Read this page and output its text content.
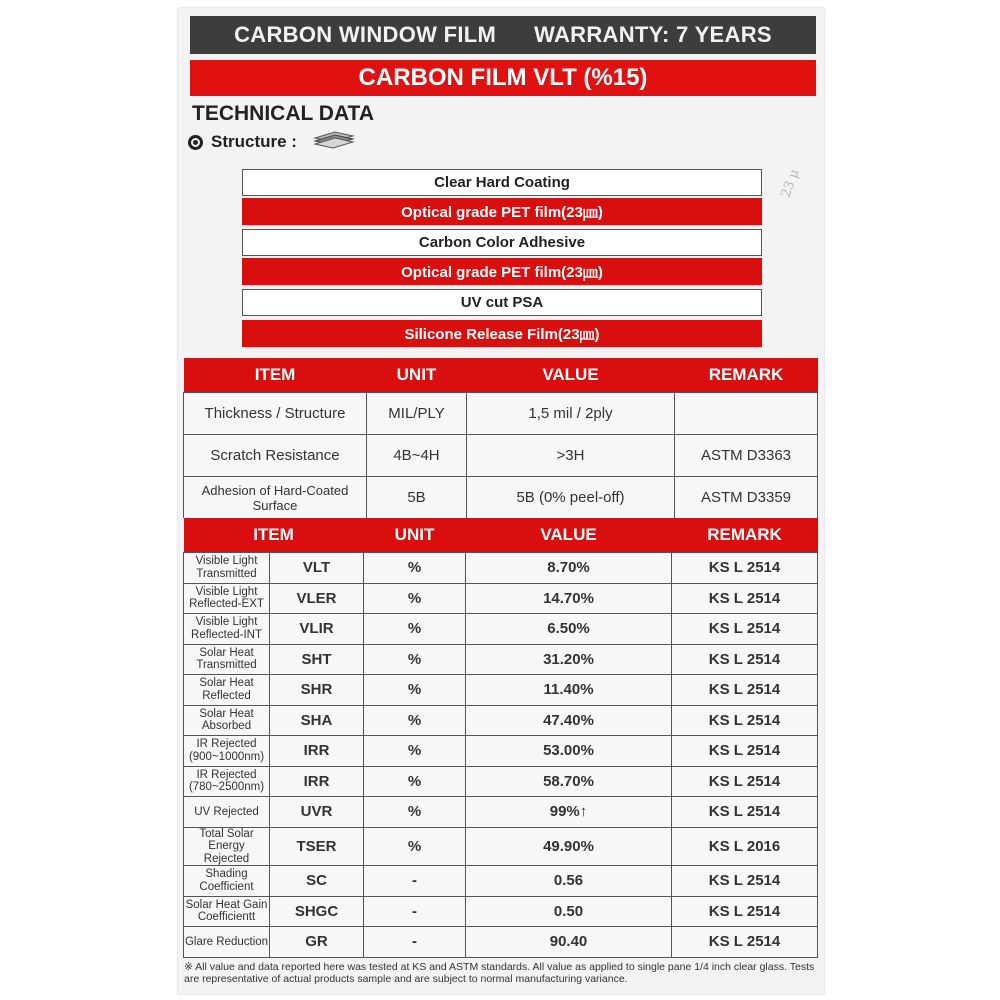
CARBON WINDOW FILM WARRANTY: 7 YEARS
CARBON FILM VLT (%15)
TECHNICAL DATA
Structure :
23 μ
Clear Hard Coating
Optical grade PET film(23㎛)
Carbon Color Adhesive
Optical grade PET film(23㎛)
UV cut PSA
Silicone Release Film(23㎛)
ITEM	UNIT	VALUE	REMARK
Thickness / Structure	MIL/PLY	1,5 mil / 2ply	
Scratch Resistance	4B~4H	>3H	ASTM D3363
Adhesion of Hard-Coated Surface	5B	5B (0% peel-off)	ASTM D3359
ITEM		UNIT	VALUE	REMARK
Visible Light Transmitted	VLT	%	8.70%	KS L 2514
Visible Light Reflected-EXT	VLER	%	14.70%	KS L 2514
Visible Light Reflected-INT	VLIR	%	6.50%	KS L 2514
Solar Heat Transmitted	SHT	%	31.20%	KS L 2514
Solar Heat Reflected	SHR	%	11.40%	KS L 2514
Solar Heat Absorbed	SHA	%	47.40%	KS L 2514
IR Rejected (900~1000nm)	IRR	%	53.00%	KS L 2514
IR Rejected (780~2500nm)	IRR	%	58.70%	KS L 2514
UV Rejected	UVR	%	99%↑	KS L 2514
Total Solar Energy Rejected	TSER	%	49.90%	KS L 2016
Shading Coefficient	SC	-	0.56	KS L 2514
Solar Heat Gain Coefficientt	SHGC	-	0.50	KS L 2514
Glare Reduction	GR	-	90.40	KS L 2514
※ All value and data reported here was tested at KS and ASTM standards. All value as applied to single pane 1/4 inch clear glass. Tests are representative of actual products sample and are subject to normal manufacturing variance.
